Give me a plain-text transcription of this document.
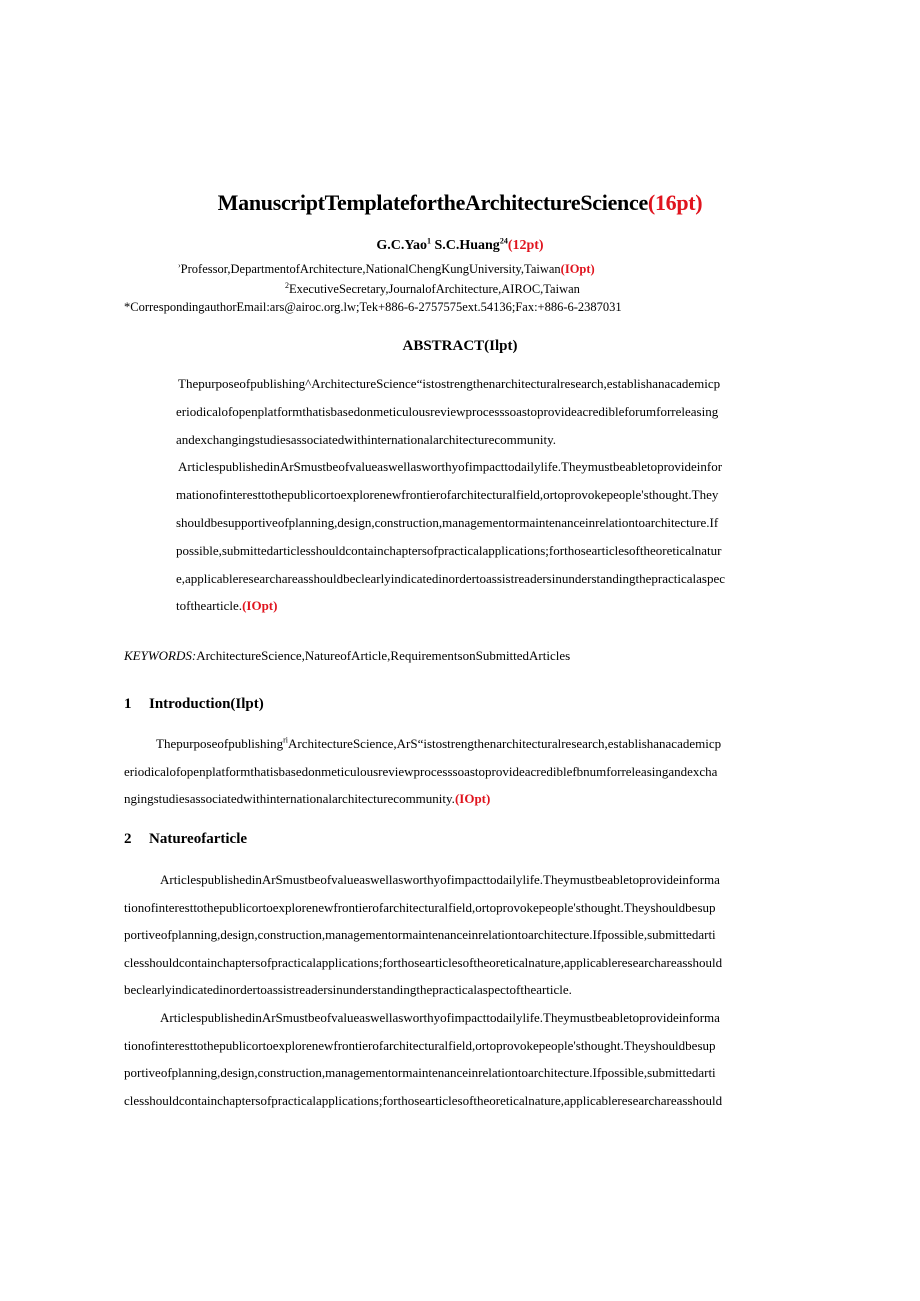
ManuscriptTemplatefortheArchitectureScience(16pt)
G.C.Yao$^1$ S.C.Huang$^{24}$(12pt)
›Professor,DepartmentofArchitecture,NationalChengKungUniversity,Taiwan(IOpt)
$^2$ExecutiveSecretary,JournalofArchitecture,AIROC,Taiwan
*CorrespondingauthorEmail:ars@airoc.org.lw;Tek+886-6-2757575ext.54136;Fax:+886-6-2387031
ABSTRACT(Ilpt)
Thepurposeofpublishing^ArchitectureScience“istostrengthenarchitecturalresearch,establishanacademicp
eriodicalofopenplatformthatisbasedonmeticulousreviewprocesssoastoprovideacredibleforumforreleasing
andexchangingstudiesassociatedwithinternationalarchitecturecommunity.
ArticlespublishedinArSmustbeofvalueaswellasworthyofimpacttodailylife.Theymustbeabletoprovideinfor
mationofinteresttothepublicortoexplorenewfrontierofarchitecturalfield,ortoprovokepeople'sthought.They
shouldbesupportiveofplanning,design,construction,managementormaintenanceinrelationtoarchitecture.If
possible,submittedarticlesshouldcontainchaptersofpracticalapplications;forthosearticlesoftheoreticalnatur
e,applicableresearchareasshouldbeclearlyindicatedinordertoassistreadersinunderstandingthepracticalaspec
tofthearticle.(IOpt)
KEYWORDS:ArchitectureScience,NatureofArticle,RequirementsonSubmittedArticles
1 Introduction(Ilpt)
Thepurposeofpublishing$^{ri}$ArchitectureScience,ArS“istostrengthenarchitecturalresearch,establishanacademicp
eriodicalofopenplatformthatisbasedonmeticulousreviewprocesssoastoprovideacrediblefbnumforreleasingandexcha
ngingstudiesassociatedwithinternationalarchitecturecommunity.(IOpt)
2 Natureofarticle
ArticlespublishedinArSmustbeofvalueaswellasworthyofimpacttodailylife.Theymustbeabletoprovideinforma
tionofinteresttothepublicortoexplorenewfrontierofarchitecturalfield,ortoprovokepeople'sthought.Theyshouldbesup
portiveofplanning,design,construction,managementormaintenanceinrelationtoarchitecture.Ifpossible,submittedarti
clesshouldcontainchaptersofpracticalapplications;forthosearticlesoftheoreticalnature,applicableresearchareasshould
beclearlyindicatedinordertoassistreadersinunderstandingthepracticalaspectofthearticle.
ArticlespublishedinArSmustbeofvalueaswellasworthyofimpacttodailylife.Theymustbeabletoprovideinforma
tionofinteresttothepublicortoexplorenewfrontierofarchitecturalfield,ortoprovokepeople'sthought.Theyshouldbesup
portiveofplanning,design,construction,managementormaintenanceinrelationtoarchitecture.Ifpossible,submittedarti
clesshouldcontainchaptersofpracticalapplications;forthosearticlesoftheoreticalnature,applicableresearchareasshould
